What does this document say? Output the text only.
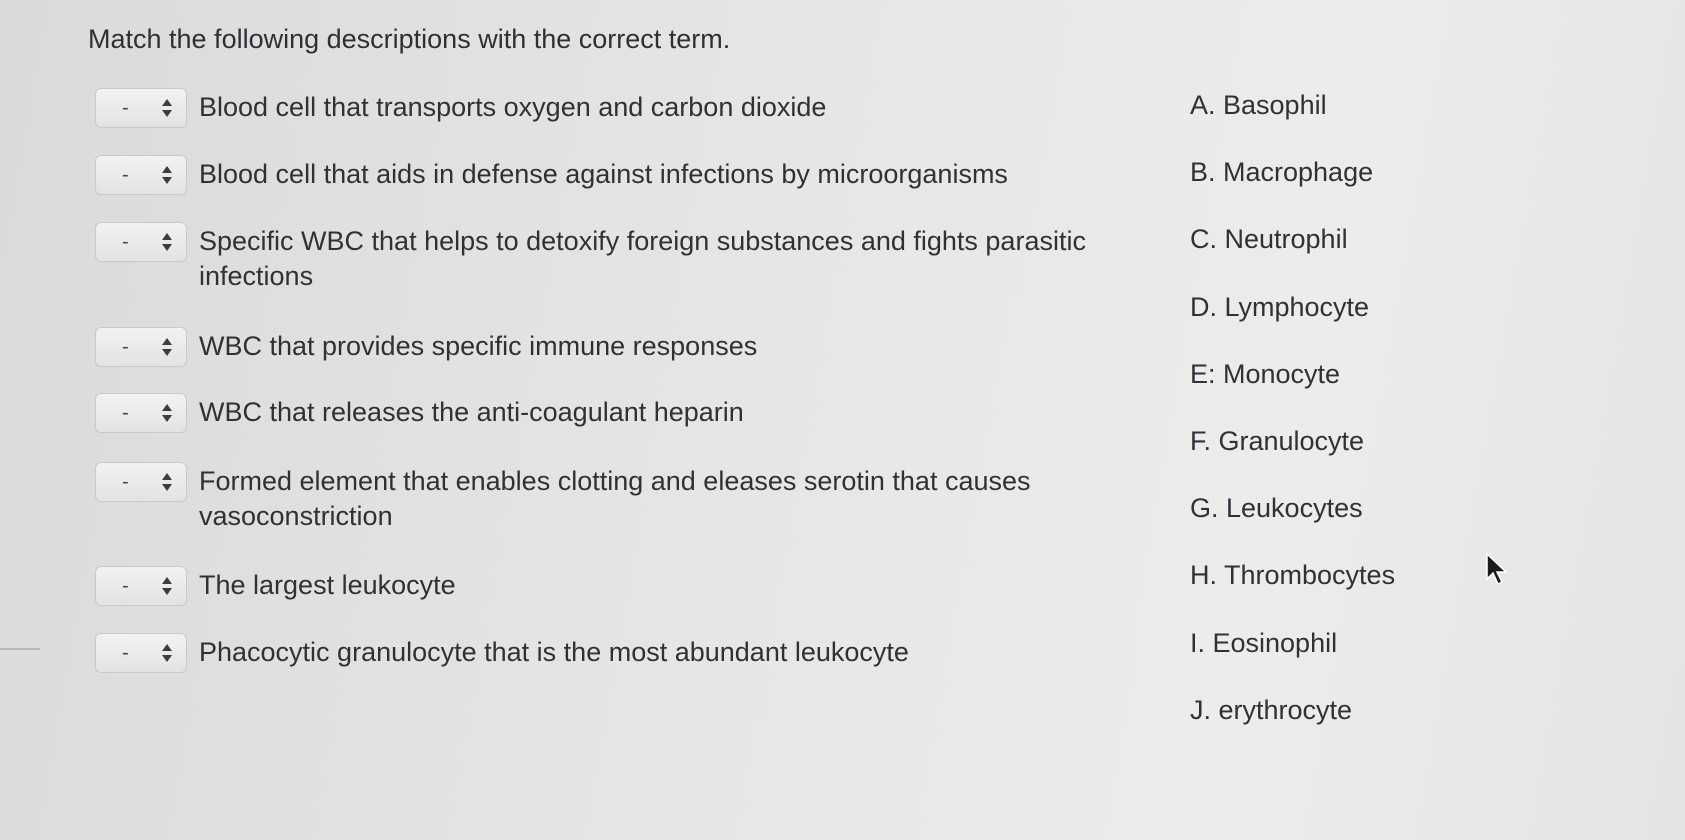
Match the following descriptions with the correct term.
-	Blood cell that transports oxygen and carbon dioxide
-	Blood cell that aids in defense against infections by microorganisms
-	Specific WBC that helps to detoxify foreign substances and fights parasitic infections
-	WBC that provides specific immune responses
-	WBC that releases the anti-coagulant heparin
-	Formed element that enables clotting and eleases serotin that causes vasoconstriction
-	The largest leukocyte
-	Phacocytic granulocyte that is the most abundant leukocyte
A. Basophil
B. Macrophage
C. Neutrophil
D. Lymphocyte
E: Monocyte
F. Granulocyte
G. Leukocytes
H. Thrombocytes
I. Eosinophil
J. erythrocyte
